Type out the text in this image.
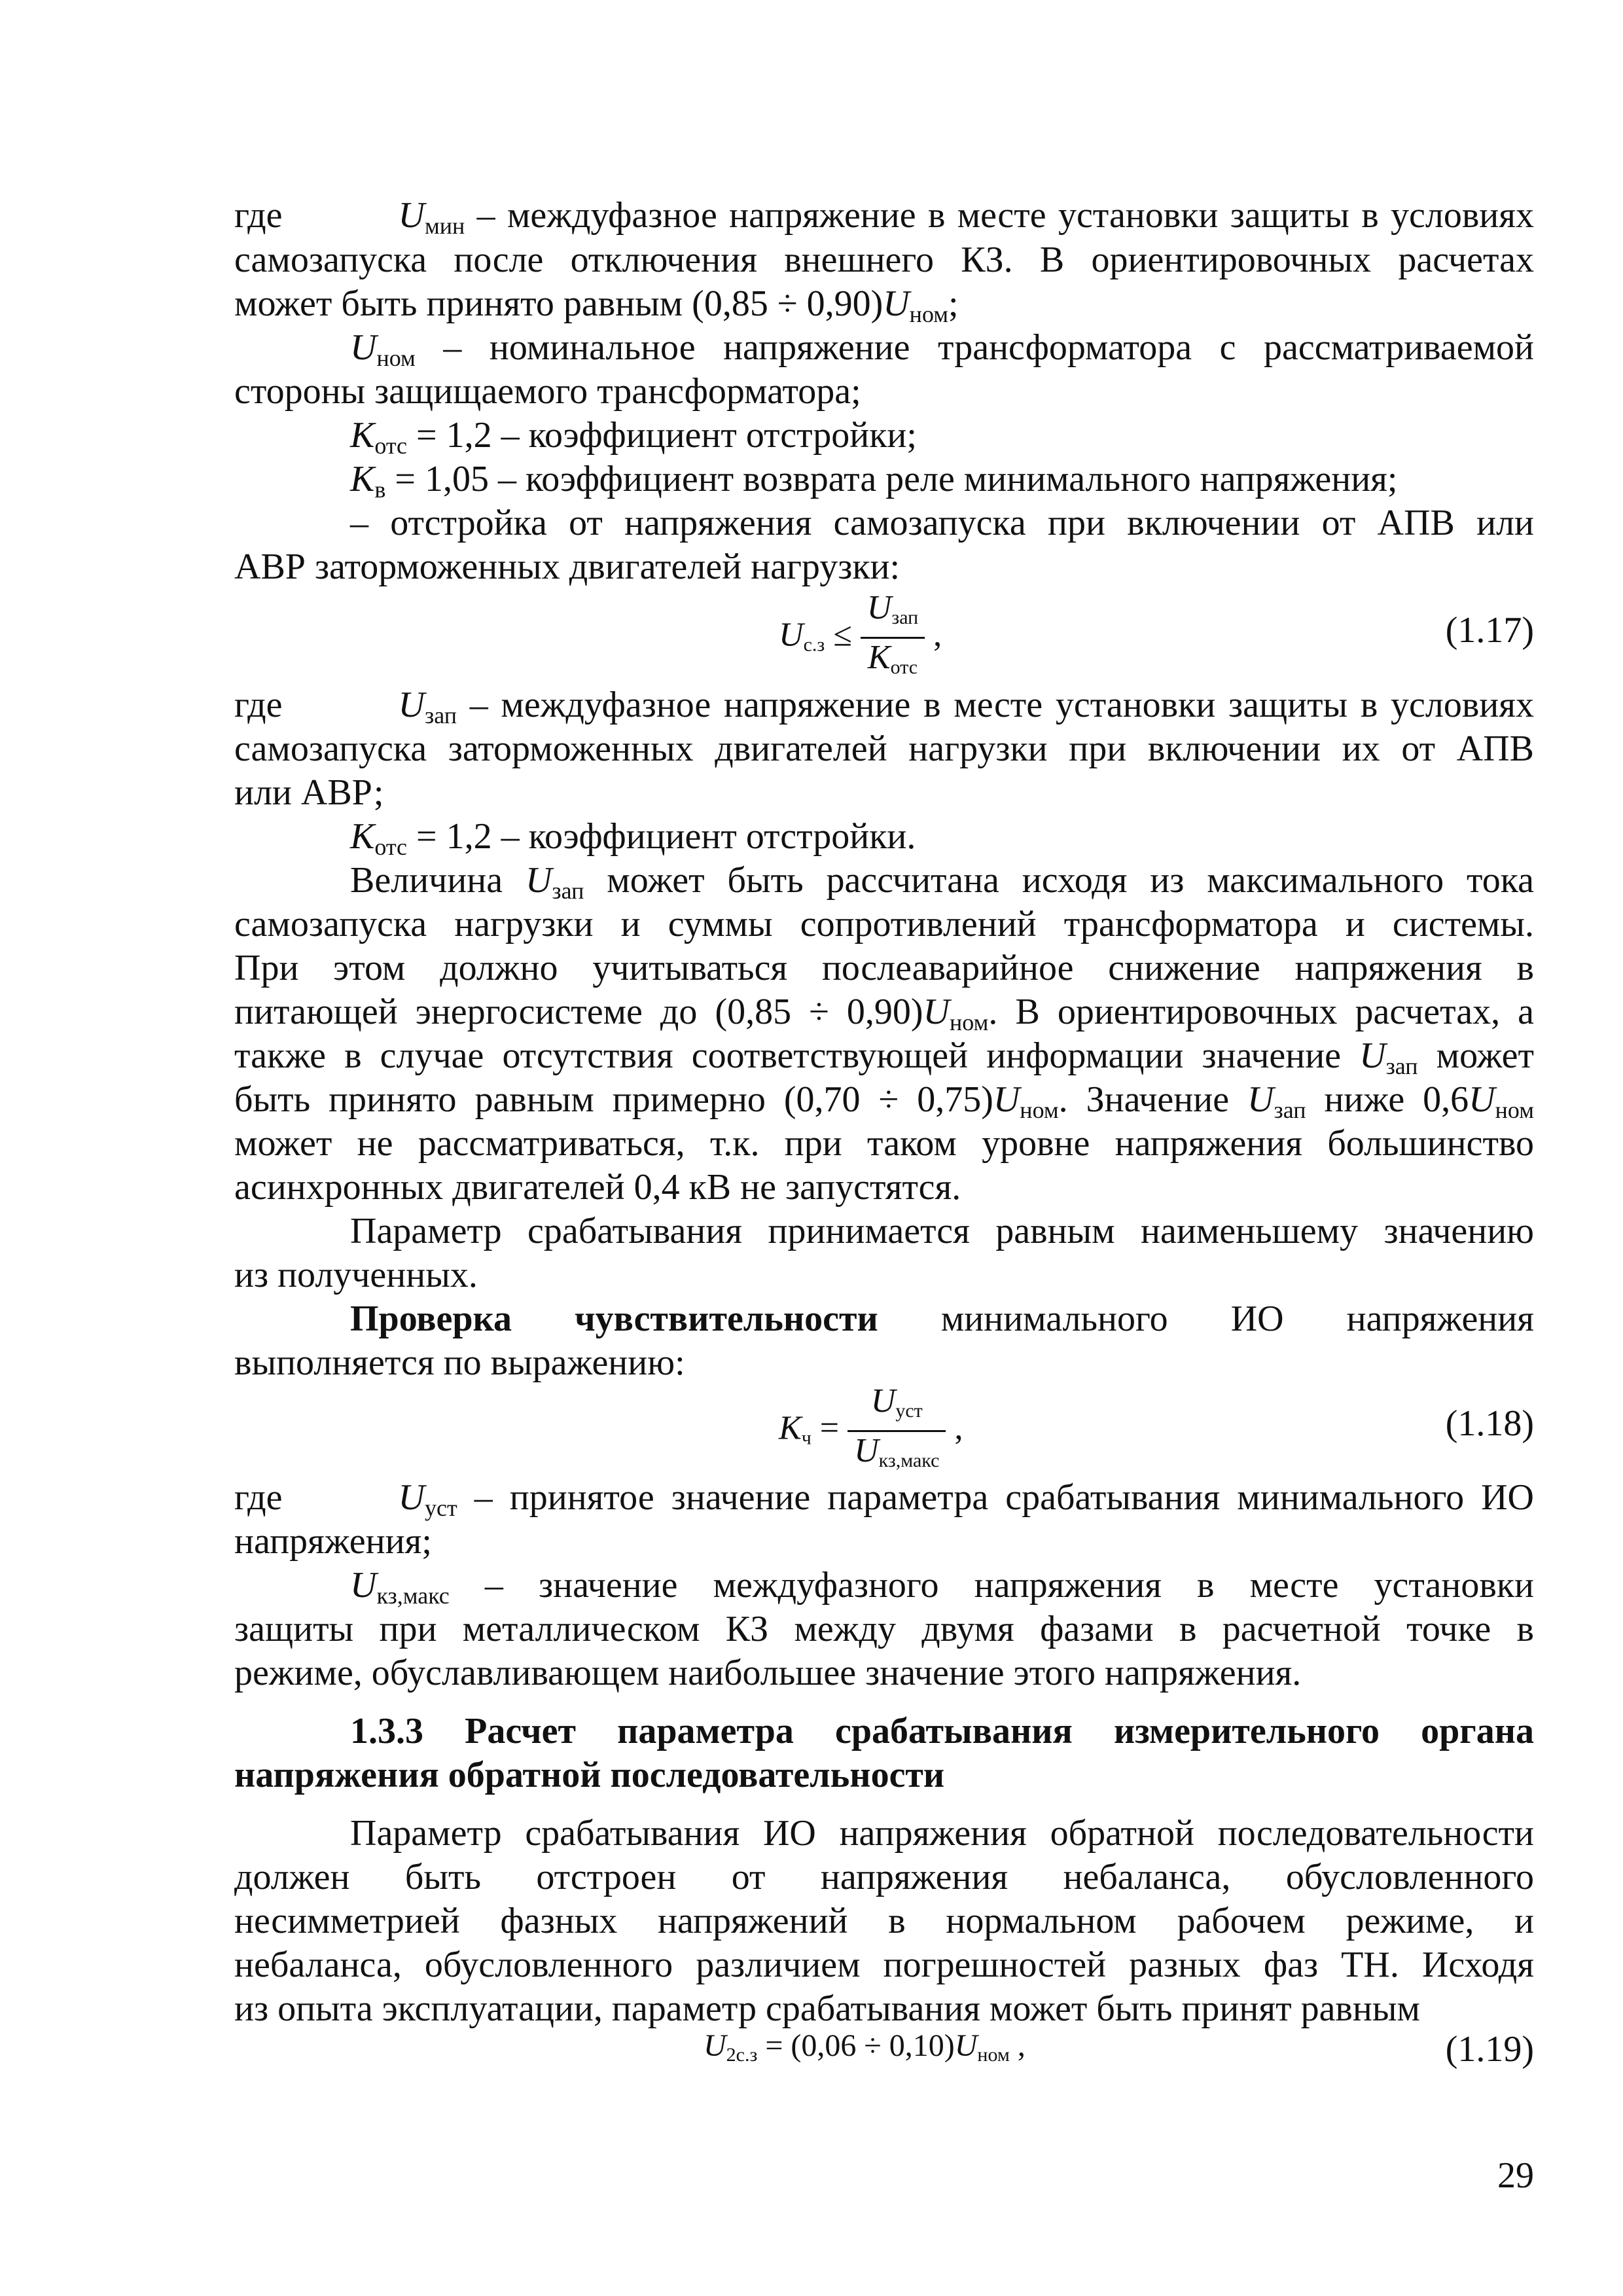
где	$U_{мин}$ – междуфазное напряжение в месте установки защиты в условиях
самозапуска после отключения внешнего КЗ. В ориентировочных расчетах
может быть принято равным $(0,85 \div 0,90)U_{ном}$;
$U_{ном}$ – номинальное напряжение трансформатора с рассматриваемой
стороны защищаемого трансформатора;
$K_{отс} = 1,2$ – коэффициент отстройки;
$K_в = 1,05$ – коэффициент возврата реле минимального напряжения;
– отстройка от напряжения самозапуска при включении от АПВ или
АВР заторможенных двигателей нагрузки:
$Uс.з \le \frac{\text{Uзап}}{\text{Kотс}}$ ,	(1.17)
где	$U_{зап}$ – междуфазное напряжение в месте установки защиты в условиях
самозапуска заторможенных двигателей нагрузки при включении их от АПВ
или АВР;
$K_{отс} = 1,2$ – коэффициент отстройки.
Величина $U_{зап}$ может быть рассчитана исходя из максимального тока
самозапуска нагрузки и суммы сопротивлений трансформатора и системы.
При этом должно учитываться послеаварийное снижение напряжения в
питающей энергосистеме до $(0,85 \div 0,90)U_{ном}$. В ориентировочных расчетах, а
также в случае отсутствия соответствующей информации значение $U_{зап}$ может
быть принято равным примерно $(0,70 \div 0,75)U_{ном}$. Значение $U_{зап}$ ниже $0,6U_{ном}$
может не рассматриваться, т.к. при таком уровне напряжения большинство
асинхронных двигателей 0,4 кВ не запустятся.
Параметр срабатывания принимается равным наименьшему значению
из полученных.
Проверка чувствительности минимального ИО напряжения
выполняется по выражению:
Kч = $\frac{\text{Uуст}}{\text{Uкз,макс}}$ ,	(1.18)
где	$U_{уст}$ – принятое значение параметра срабатывания минимального ИО
напряжения;
$U_{кз,макс}$ – значение междуфазного напряжения в месте установки
защиты при металлическом КЗ между двумя фазами в расчетной точке в
режиме, обуславливающем наибольшее значение этого напряжения.
1.3.3 Расчет параметра срабатывания измерительного органа
напряжения обратной последовательности
Параметр срабатывания ИО напряжения обратной последовательности
должен быть отстроен от напряжения небаланса, обусловленного
несимметрией фазных напряжений в нормальном рабочем режиме, и
небаланса, обусловленного различием погрешностей разных фаз ТН. Исходя
из опыта эксплуатации, параметр срабатывания может быть принят равным
U2с.з = (0,06 ÷ 0,10)Uном ,	(1.19)
29
